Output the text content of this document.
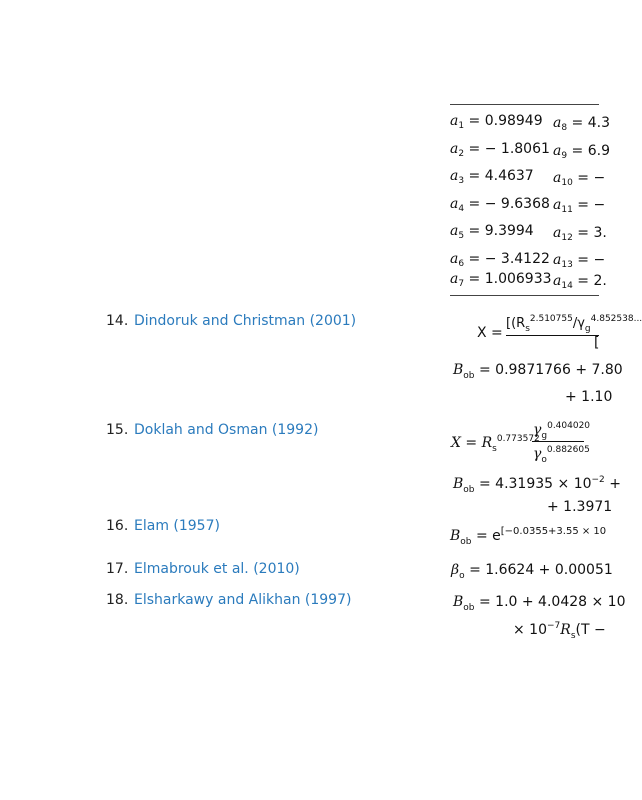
$a_1 = 0.98949$
$a_2$ = − 1.8061
$a_3 = 4.4637$
$a_4$ = − 9.6368
$a_5 = 9.3994$
$a_6$ = − 3.4122
$a_7 = 1.006933$
$a_8 = 4.3$
$a_9 = 6.9$
$a_{10}$ = −
$a_{11}$ = −
$a_{12} = 3$.
$a_{13}$ = −
$a_{14} = 2$.
14. Dindoruk and Christman (2001)
15. Doklah and Osman (1992)
16. Elam (1957)
17. Elmabrouk et al. (2010)
18. Elsharkawy and Alikhan (1997)
X =
[($R_s^{2.510755}/\gamma_g^{4.852538...}$
[
$B_{ob} = 0.9871766 + 7.80$
+ 1.10
$X = R_s^{0.773572}$
$\gamma_g^{0.404020}$
$\gamma_o^{0.882605}$
$B_{ob} = 4.31935 \times 10^{-2}$ +
+ 1.3971
$B_{ob} = e^{[-0.0355+3.55 \times 10}$
$\beta_o = 1.6624 + 0.00051$
$B_{ob} = 1.0 + 4.0428 \times 10$
× $10^{-7}R_s(T$ −
